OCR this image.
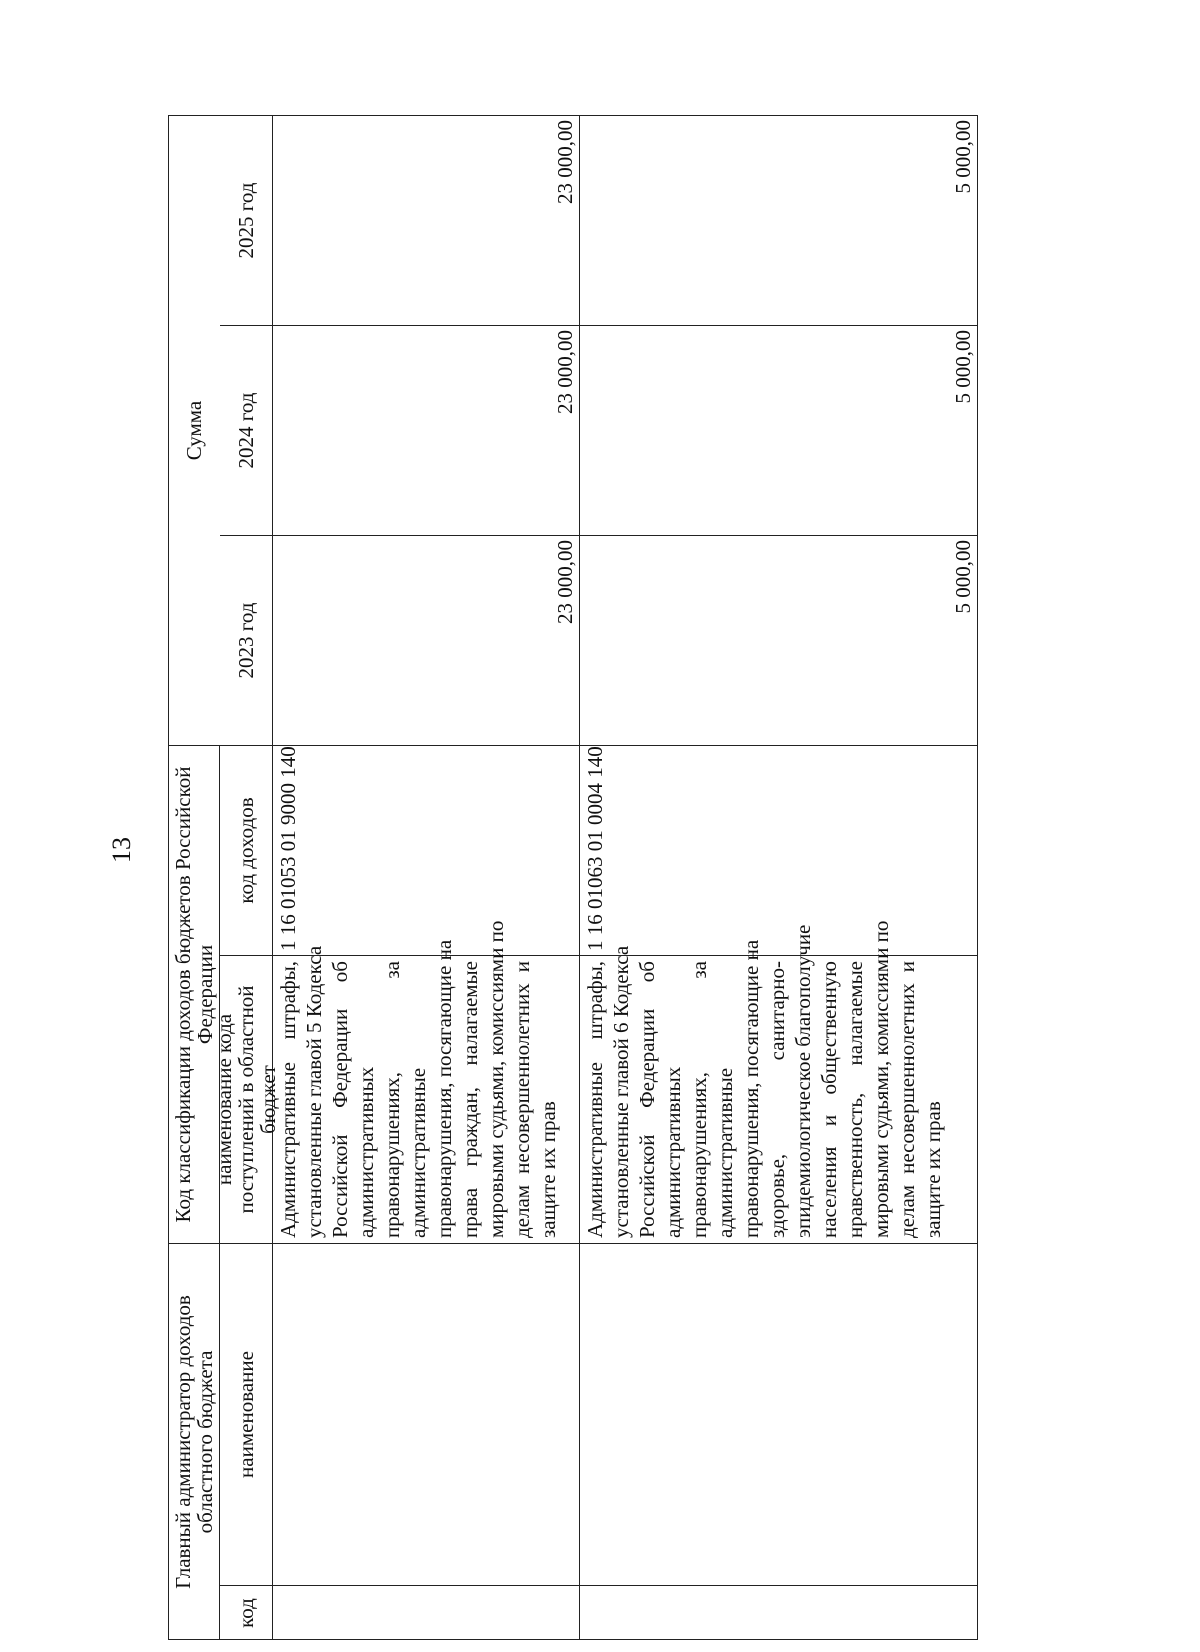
13
Главный администратор доходов областного бюджета
Код классификации доходов бюджетов Российской Федерации
Сумма
код
наименование
наименование кода поступлений в областной бюджет
код доходов
2023 год
2024 год
2025 год
Административные штрафы, установленные главой 5 Кодекса Российской Федерации об административных правонарушениях, за административные правонарушения, посягающие на права граждан, налагаемые мировыми судьями, комиссиями по делам несовершеннолетних и защите их прав
1 16 01053 01 9000 140
23 000,00
23 000,00
23 000,00
Административные штрафы, установленные главой 6 Кодекса Российской Федерации об административных правонарушениях, за административные правонарушения, посягающие на здоровье, санитарно- эпидемиологическое благополучие населения и общественную нравственность, налагаемые мировыми судьями, комиссиями по делам несовершеннолетних и защите их прав
1 16 01063 01 0004 140
5 000,00
5 000,00
5 000,00
